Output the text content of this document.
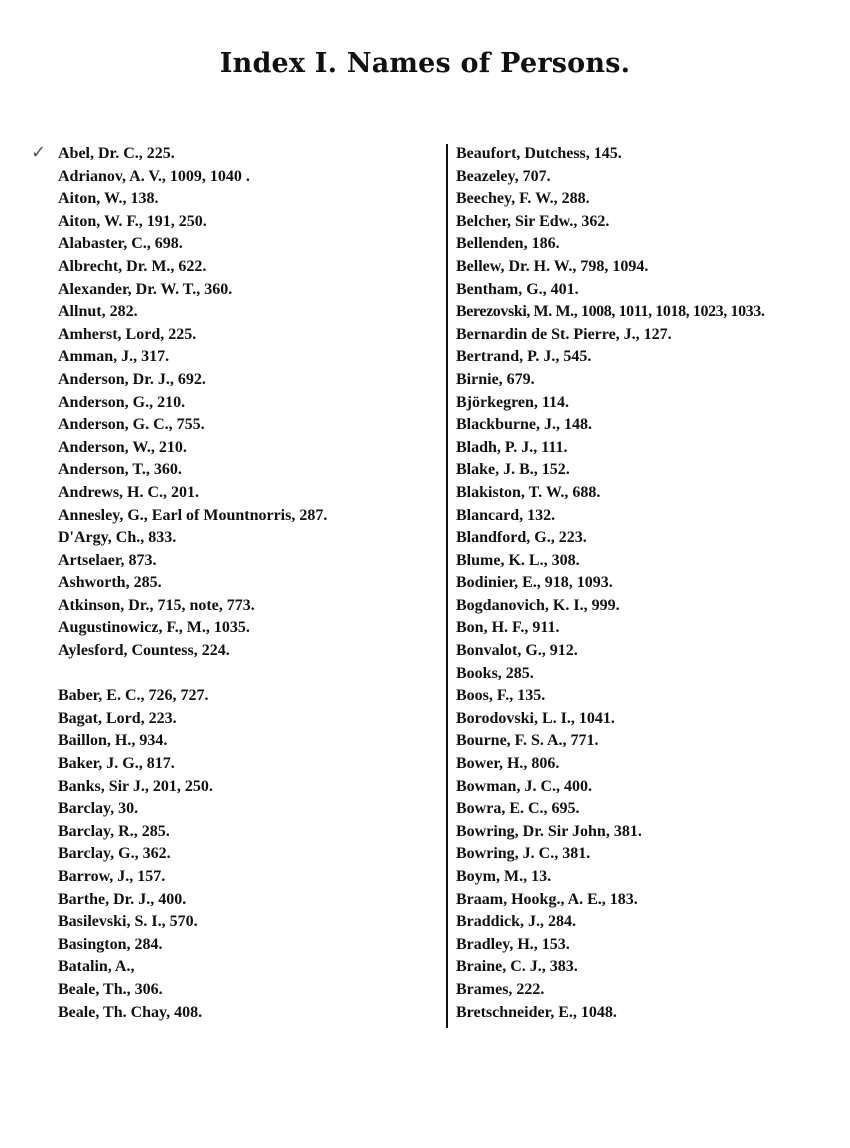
Index I. Names of Persons.
✓ Abel, Dr. C., 225.
Adrianov, A. V., 1009, 1040 .
Aiton, W., 138.
Aiton, W. F., 191, 250.
Alabaster, C., 698.
Albrecht, Dr. M., 622.
Alexander, Dr. W. T., 360.
Allnut, 282.
Amherst, Lord, 225.
Amman, J., 317.
Anderson, Dr. J., 692.
Anderson, G., 210.
Anderson, G. C., 755.
Anderson, W., 210.
Anderson, T., 360.
Andrews, H. C., 201.
Annesley, G., Earl of Mountnorris, 287.
D'Argy, Ch., 833.
Artselaer, 873.
Ashworth, 285.
Atkinson, Dr., 715, note, 773.
Augustinowicz, F., M., 1035.
Aylesford, Countess, 224.
Baber, E. C., 726, 727.
Bagat, Lord, 223.
Baillon, H., 934.
Baker, J. G., 817.
Banks, Sir J., 201, 250.
Barclay, 30.
Barclay, R., 285.
Barclay, G., 362.
Barrow, J., 157.
Barthe, Dr. J., 400.
Basilevski, S. I., 570.
Basington, 284.
Batalin, A.,
Beale, Th., 306.
Beale, Th. Chay, 408.
Beaufort, Dutchess, 145.
Beazeley, 707.
Beechey, F. W., 288.
Belcher, Sir Edw., 362.
Bellenden, 186.
Bellew, Dr. H. W., 798, 1094.
Bentham, G., 401.
Berezovski, M. M., 1008, 1011, 1018, 1023, 1033.
Bernardin de St. Pierre, J., 127.
Bertrand, P. J., 545.
Birnie, 679.
Björkegren, 114.
Blackburne, J., 148.
Bladh, P. J., 111.
Blake, J. B., 152.
Blakiston, T. W., 688.
Blancard, 132.
Blandford, G., 223.
Blume, K. L., 308.
Bodinier, E., 918, 1093.
Bogdanovich, K. I., 999.
Bon, H. F., 911.
Bonvalot, G., 912.
Books, 285.
Boos, F., 135.
Borodovski, L. I., 1041.
Bourne, F. S. A., 771.
Bower, H., 806.
Bowman, J. C., 400.
Bowra, E. C., 695.
Bowring, Dr. Sir John, 381.
Bowring, J. C., 381.
Boym, M., 13.
Braam, Hookg., A. E., 183.
Braddick, J., 284.
Bradley, H., 153.
Braine, C. J., 383.
Brames, 222.
Bretschneider, E., 1048.
